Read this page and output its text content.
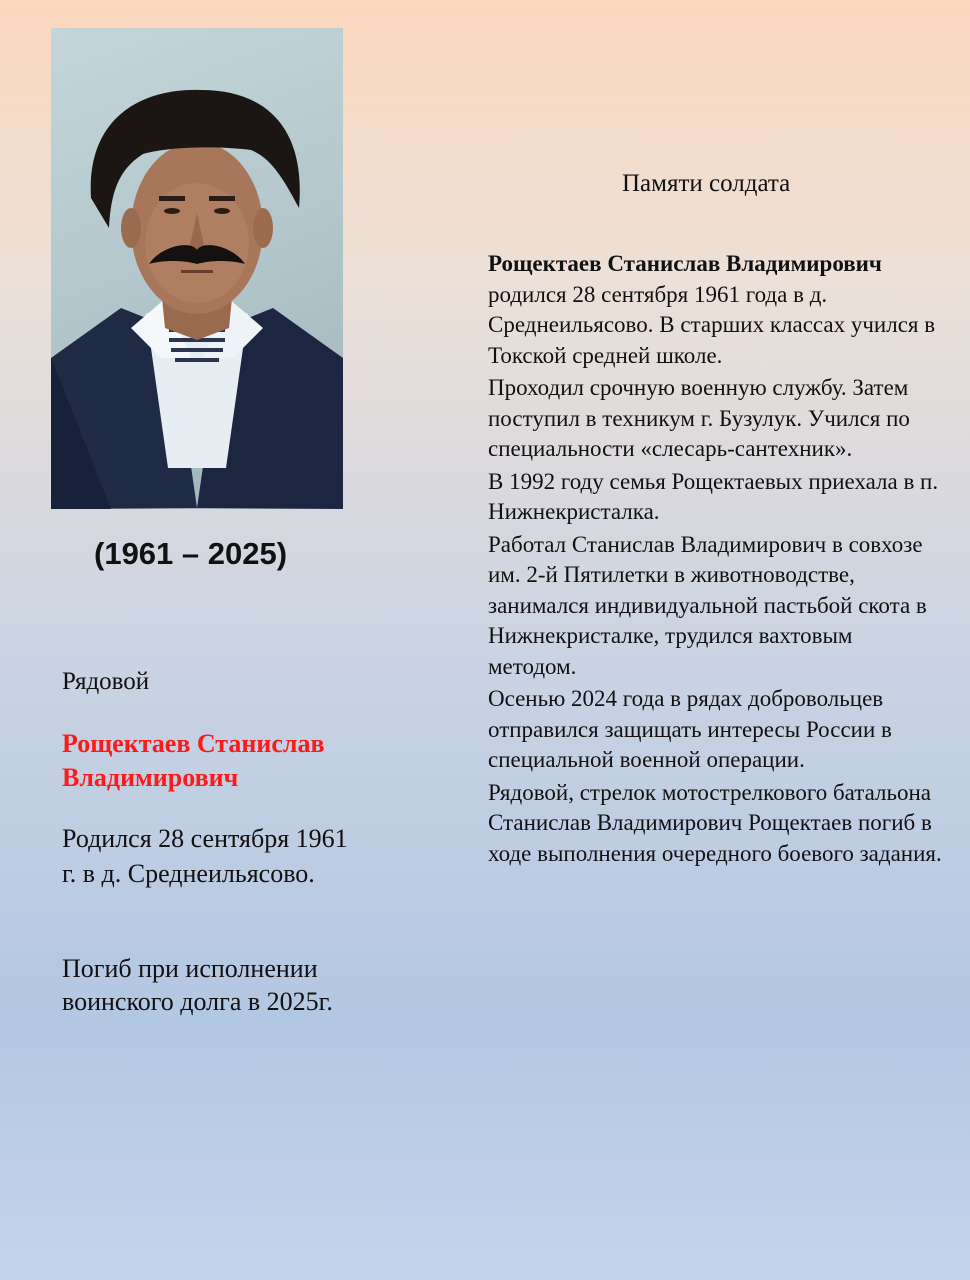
(1961 – 2025)
Рядовой
Рощектаев Станислав Владимирович
Родился 28 сентября 1961 г. в д. Среднеильясово.
Погиб при исполнении воинского долга в 2025г.
Памяти солдата

Рощектаев Станислав Владимирович родился 28 сентября 1961 года в д. Среднеильясово. В старших классах учился в Токской средней школе.

Проходил срочную военную службу. Затем поступил в техникум г. Бузулук. Учился по специальности «слесарь-сантехник».

В 1992 году семья Рощектаевых приехала в п. Нижнекристалка.

Работал Станислав Владимирович в совхозе им. 2-й Пятилетки в животноводстве, занимался индивидуальной пастьбой скота в Нижнекристалке, трудился вахтовым методом.

Осенью 2024 года в рядах добровольцев отправился защищать интересы России в специальной военной операции.

Рядовой, стрелок мотострелкового батальона Станислав Владимирович Рощектаев погиб в ходе выполнения очередного боевого задания.
